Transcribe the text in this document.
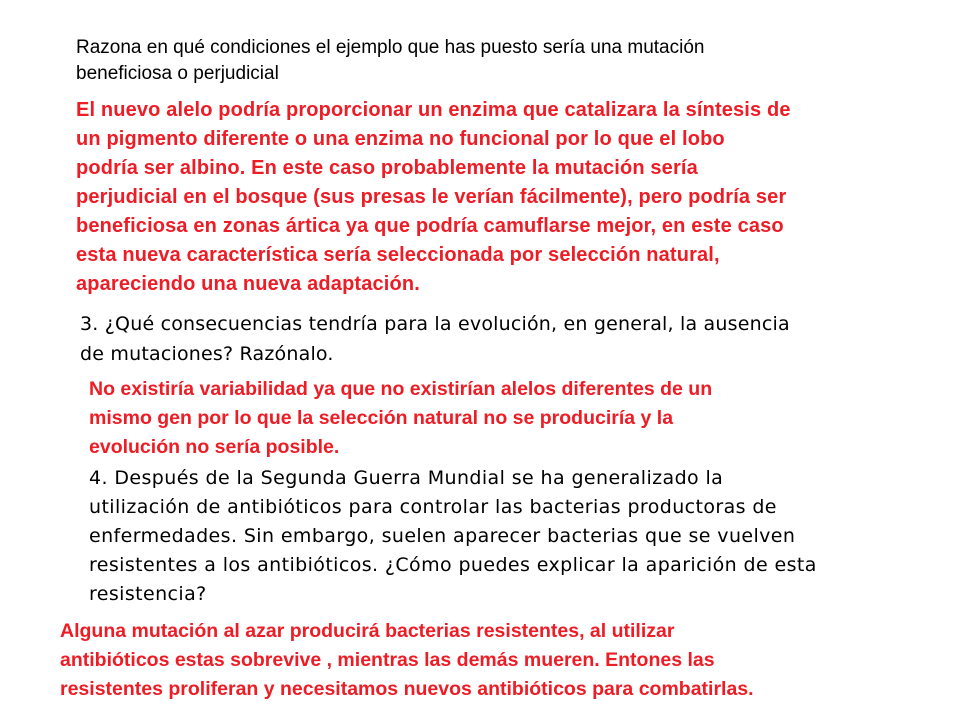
Razona en qué condiciones el ejemplo que has puesto sería una mutación
beneficiosa o perjudicial
El nuevo alelo podría proporcionar un enzima que catalizara la síntesis de
un pigmento diferente o una enzima no funcional por lo que el lobo
podría ser albino. En este caso probablemente la mutación sería
perjudicial en el bosque (sus presas le verían fácilmente), pero podría ser
beneficiosa en zonas ártica ya que podría camuflarse mejor, en este caso
esta nueva característica sería seleccionada por selección natural,
apareciendo una nueva adaptación.
3. ¿Qué consecuencias tendría para la evolución, en general, la ausencia
de mutaciones? Razónalo.
No existiría variabilidad ya que no existirían alelos diferentes de un
mismo gen por lo que la selección natural no se produciría y la
evolución no sería posible.
4. Después de la Segunda Guerra Mundial se ha generalizado la
utilización de antibióticos para controlar las bacterias productoras de
enfermedades. Sin embargo, suelen aparecer bacterias que se vuelven
resistentes a los antibióticos. ¿Cómo puedes explicar la aparición de esta
resistencia?
Alguna mutación al azar producirá bacterias resistentes, al utilizar
antibióticos estas sobrevive , mientras las demás mueren. Entones las
resistentes proliferan y necesitamos nuevos antibióticos para combatirlas.
